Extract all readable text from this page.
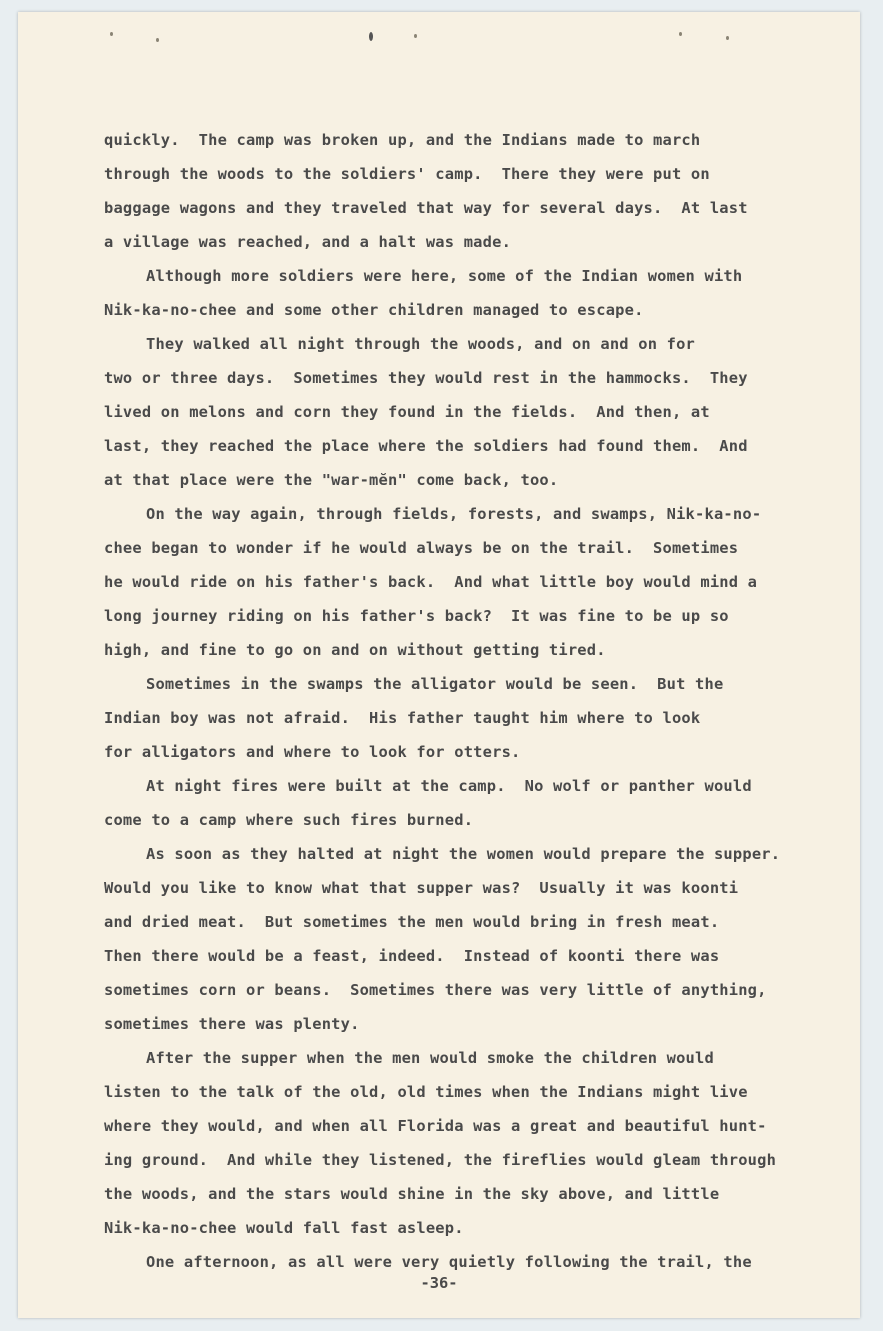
quickly.  The camp was broken up, and the Indians made to march
through the woods to the soldiers' camp.  There they were put on
baggage wagons and they traveled that way for several days.  At last
a village was reached, and a halt was made.
Although more soldiers were here, some of the Indian women with
Nik-ka-no-chee and some other children managed to escape.
They walked all night through the woods, and on and on for
two or three days.  Sometimes they would rest in the hammocks.  They
lived on melons and corn they found in the fields.  And then, at
last, they reached the place where the soldiers had found them.  And
at that place were the "war-mĕn" come back, too.
On the way again, through fields, forests, and swamps, Nik-ka-no-
chee began to wonder if he would always be on the trail.  Sometimes
he would ride on his father's back.  And what little boy would mind a
long journey riding on his father's back?  It was fine to be up so
high, and fine to go on and on without getting tired.
Sometimes in the swamps the alligator would be seen.  But the
Indian boy was not afraid.  His father taught him where to look
for alligators and where to look for otters.
At night fires were built at the camp.  No wolf or panther would
come to a camp where such fires burned.
As soon as they halted at night the women would prepare the supper.
Would you like to know what that supper was?  Usually it was koonti
and dried meat.  But sometimes the men would bring in fresh meat.
Then there would be a feast, indeed.  Instead of koonti there was
sometimes corn or beans.  Sometimes there was very little of anything,
sometimes there was plenty.
After the supper when the men would smoke the children would
listen to the talk of the old, old times when the Indians might live
where they would, and when all Florida was a great and beautiful hunt-
ing ground.  And while they listened, the fireflies would gleam through
the woods, and the stars would shine in the sky above, and little
Nik-ka-no-chee would fall fast asleep.
One afternoon, as all were very quietly following the trail, the
-36-
